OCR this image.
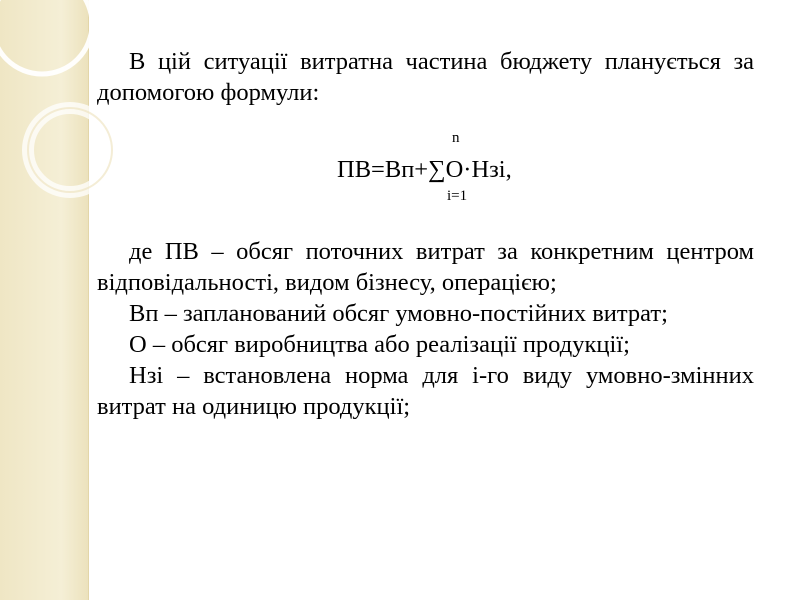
В цій ситуації витратна частина бюджету планується за допомогою формули:

n
ПВ=Вп+∑О·Нзі,
i=1

де ПВ – обсяг поточних витрат за конкретним центром відповідальності, видом бізнесу, операцією;

Вп – запланований обсяг умовно-постійних витрат;

О – обсяг виробництва або реалізації продукції;

Нзі – встановлена норма для і-го виду умовно-змінних витрат на одиницю продукції;
